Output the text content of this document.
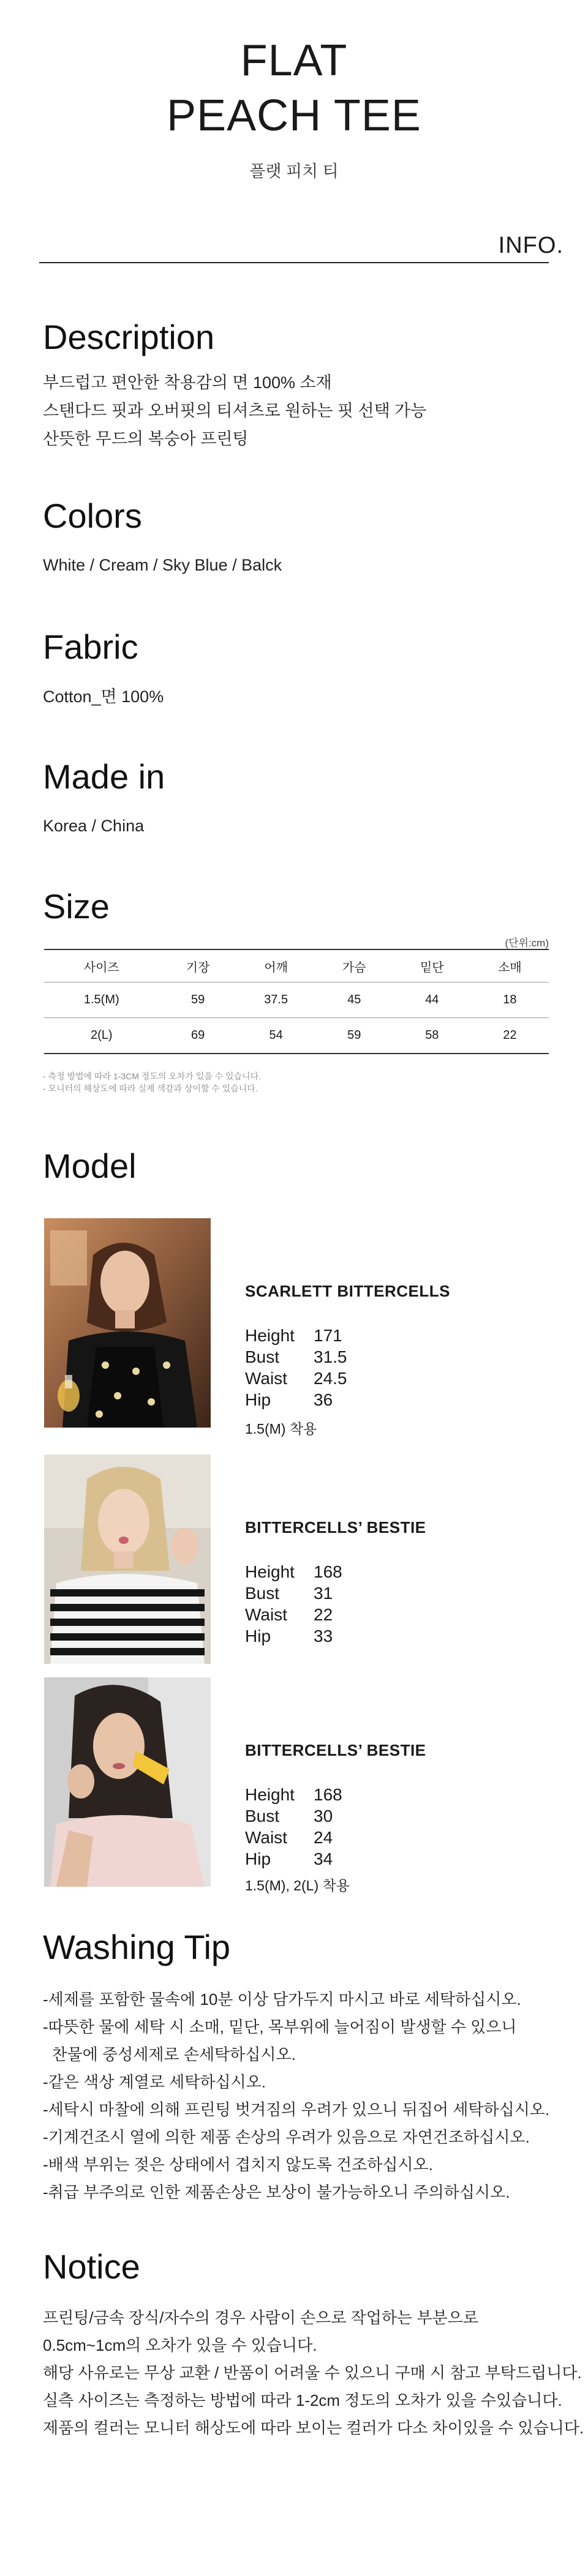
FLAT
PEACH TEE
플랫 피치 티
INFO.
Description
부드럽고 편안한 착용감의 면 100% 소재
스탠다드 핏과 오버핏의 티셔츠로 원하는 핏 선택 가능
산뜻한 무드의 복숭아 프린팅
Colors
White / Cream / Sky Blue / Balck
Fabric
Cotton_면 100%
Made in
Korea / China
Size
(단위:cm)
사이즈	기장	어깨	가슴	밑단	소매
1.5(M)	59	37.5	45	44	18
2(L)	69	54	59	58	22
- 측정 방법에 따라 1-3CM 정도의 오차가 있을 수 있습니다.
- 모니터의 해상도에 따라 실제 색감과 상이할 수 있습니다.
Model
SCARLETT BITTERCELLS
Height	171
Bust	31.5
Waist	24.5
Hip	36
1.5(M) 착용
BITTERCELLS’ BESTIE
Height	168
Bust	31
Waist	22
Hip	33
BITTERCELLS’ BESTIE
Height	168
Bust	30
Waist	24
Hip	34
1.5(M), 2(L) 착용
Washing Tip
-세제를 포함한 물속에 10분 이상 담가두지 마시고 바로 세탁하십시오.
-따뜻한 물에 세탁 시 소매, 밑단, 목부위에 늘어짐이 발생할 수 있으니
찬물에 중성세제로 손세탁하십시오.
-같은 색상 계열로 세탁하십시오.
-세탁시 마찰에 의해 프린팅 벗겨짐의 우려가 있으니 뒤집어 세탁하십시오.
-기계건조시 열에 의한 제품 손상의 우려가 있음으로 자연건조하십시오.
-배색 부위는 젖은 상태에서 겹치지 않도록 건조하십시오.
-취급 부주의로 인한 제품손상은 보상이 불가능하오니 주의하십시오.
Notice
프린팅/금속 장식/자수의 경우 사람이 손으로 작업하는 부분으로
0.5cm~1cm의 오차가 있을 수 있습니다.
해당 사유로는 무상 교환 / 반품이 어려울 수 있으니 구매 시 참고 부탁드립니다.
실측 사이즈는 측정하는 방법에 따라 1-2cm 정도의 오차가 있을 수있습니다.
제품의 컬러는 모니터 해상도에 따라 보이는 컬러가 다소 차이있을 수 있습니다.
